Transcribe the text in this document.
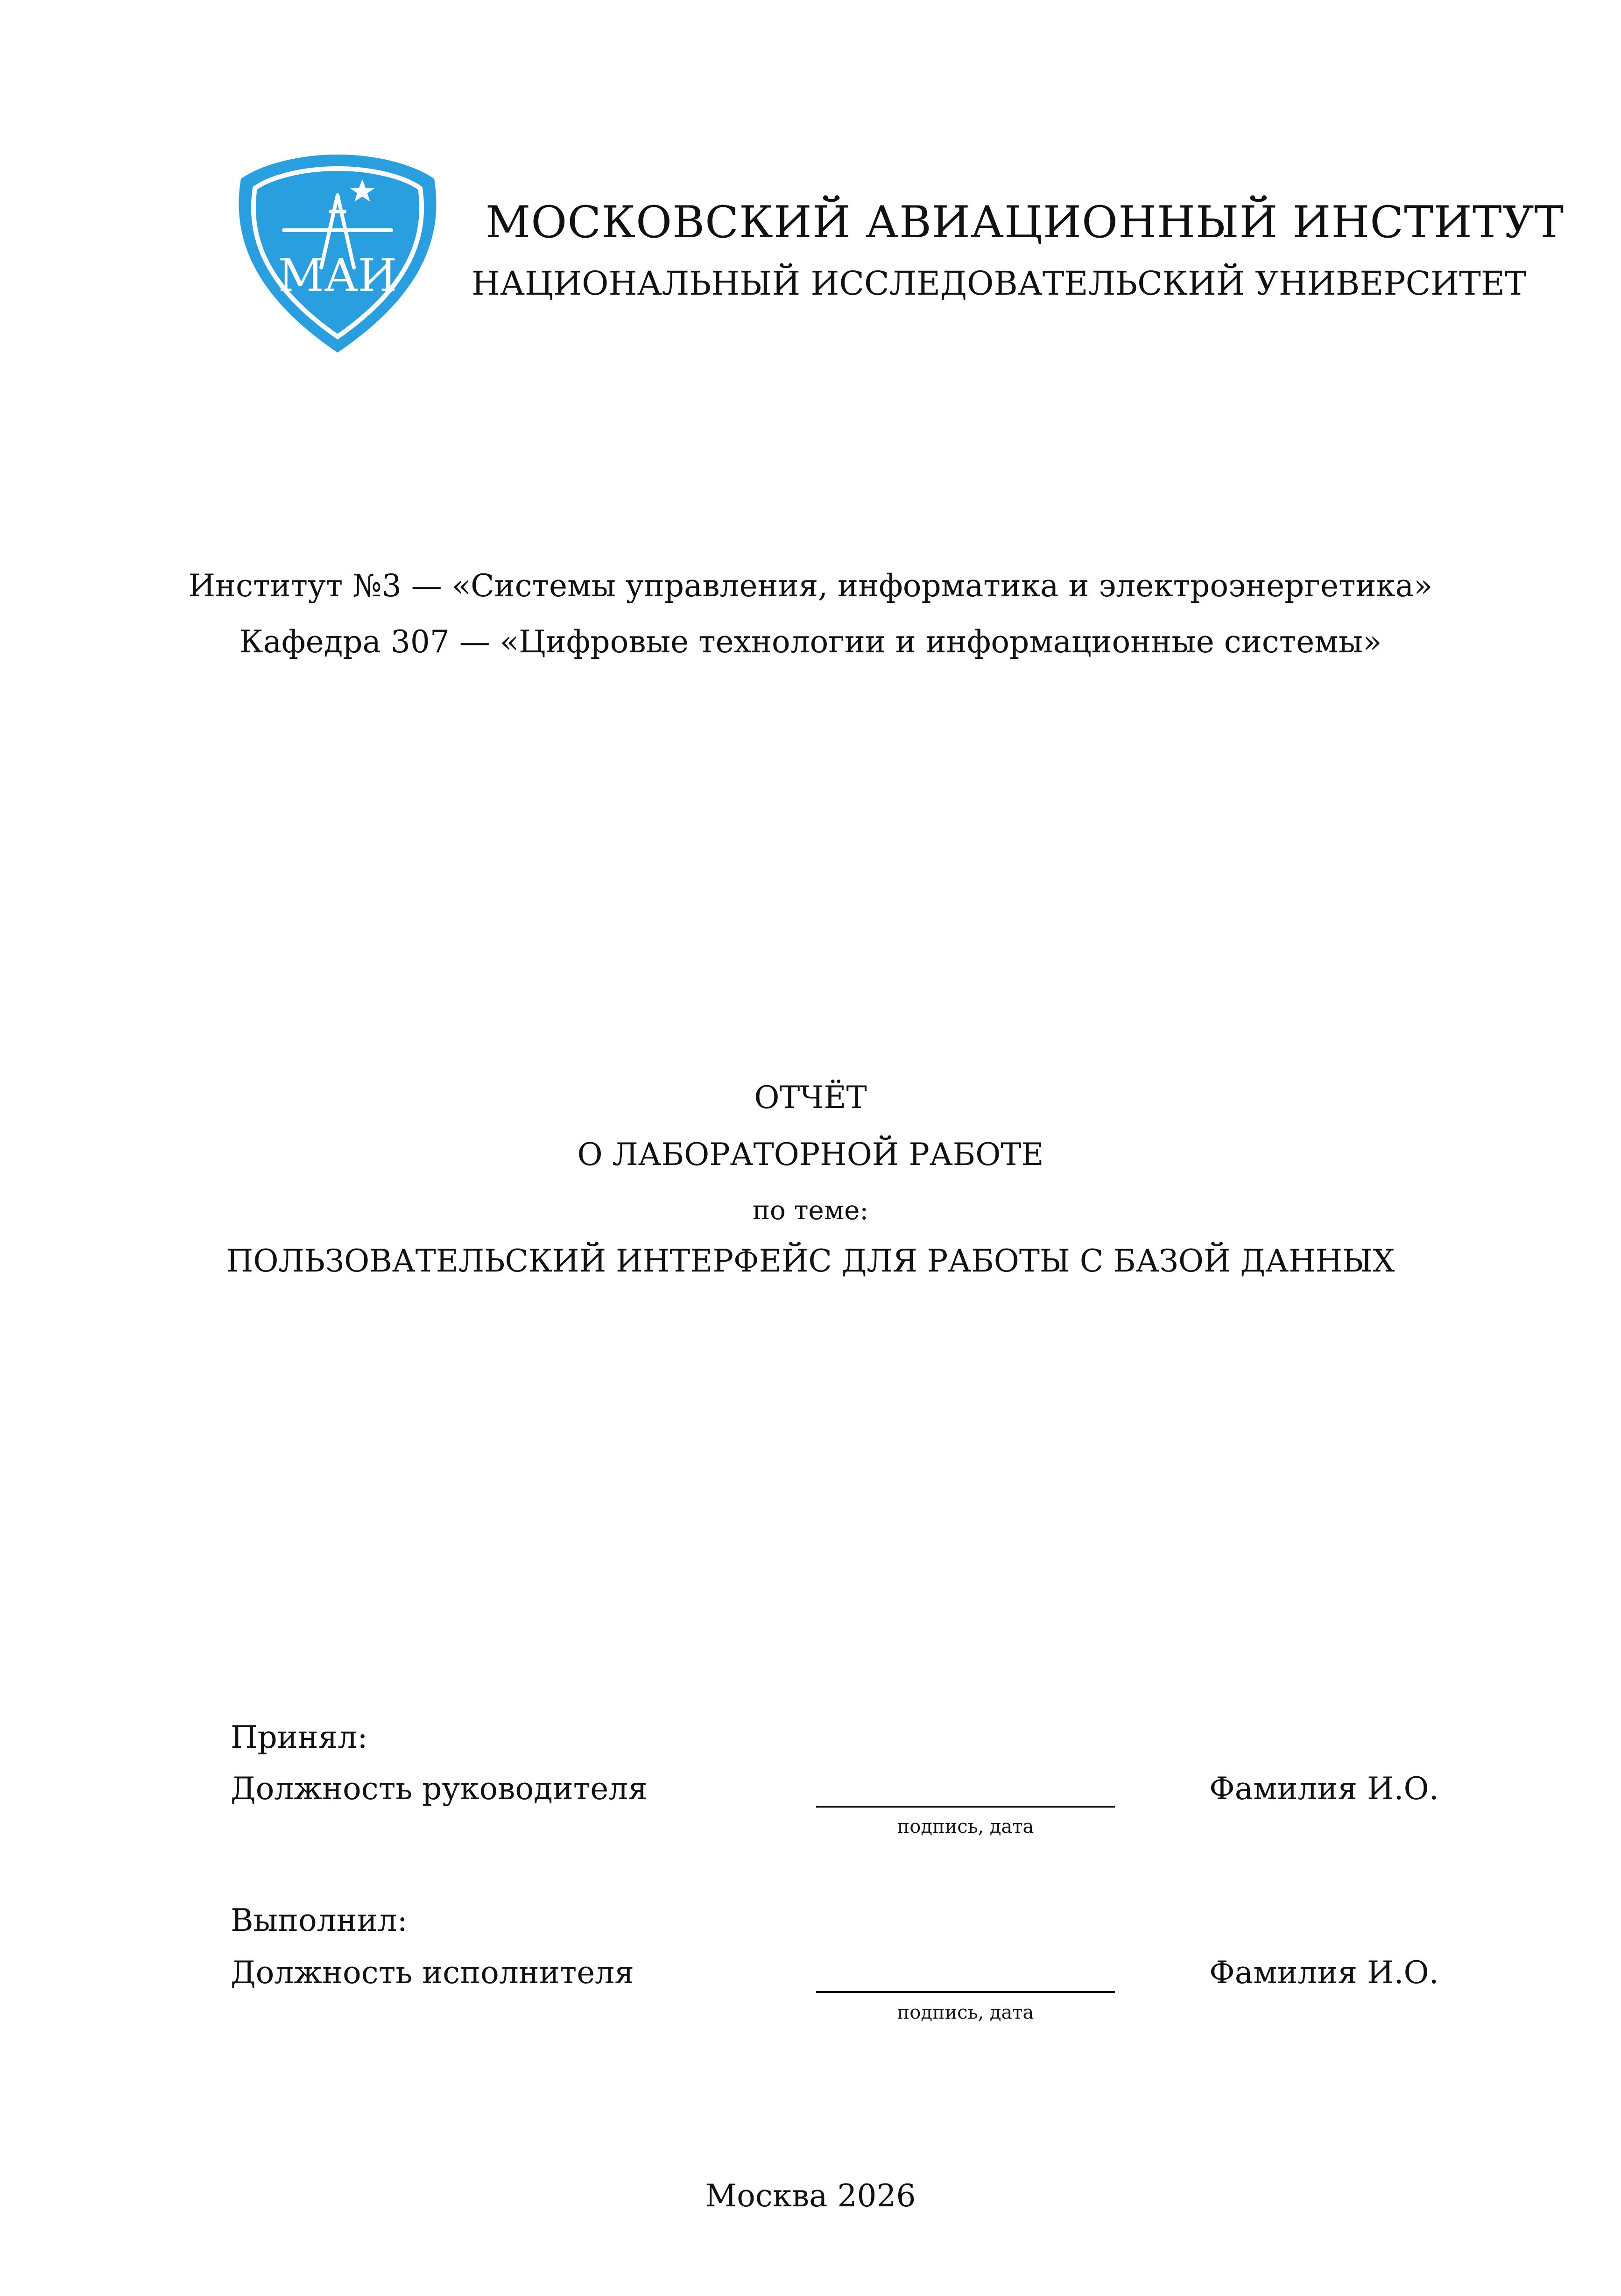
МАИ
МОСКОВСКИЙ АВИАЦИОННЫЙ ИНСТИТУТ
НАЦИОНАЛЬНЫЙ ИССЛЕДОВАТЕЛЬСКИЙ УНИВЕРСИТЕТ
Институт №3 — «Системы управления, информатика и электроэнергетика»
Кафедра 307 — «Цифровые технологии и информационные системы»
ОТЧЁТ
О ЛАБОРАТОРНОЙ РАБОТЕ
по теме:
ПОЛЬЗОВАТЕЛЬСКИЙ ИНТЕРФЕЙС ДЛЯ РАБОТЫ С БАЗОЙ ДАННЫХ
Принял:
Должность руководителя
подпись, дата
Фамилия И.О.
Выполнил:
Должность исполнителя
подпись, дата
Фамилия И.О.
Москва 2026
